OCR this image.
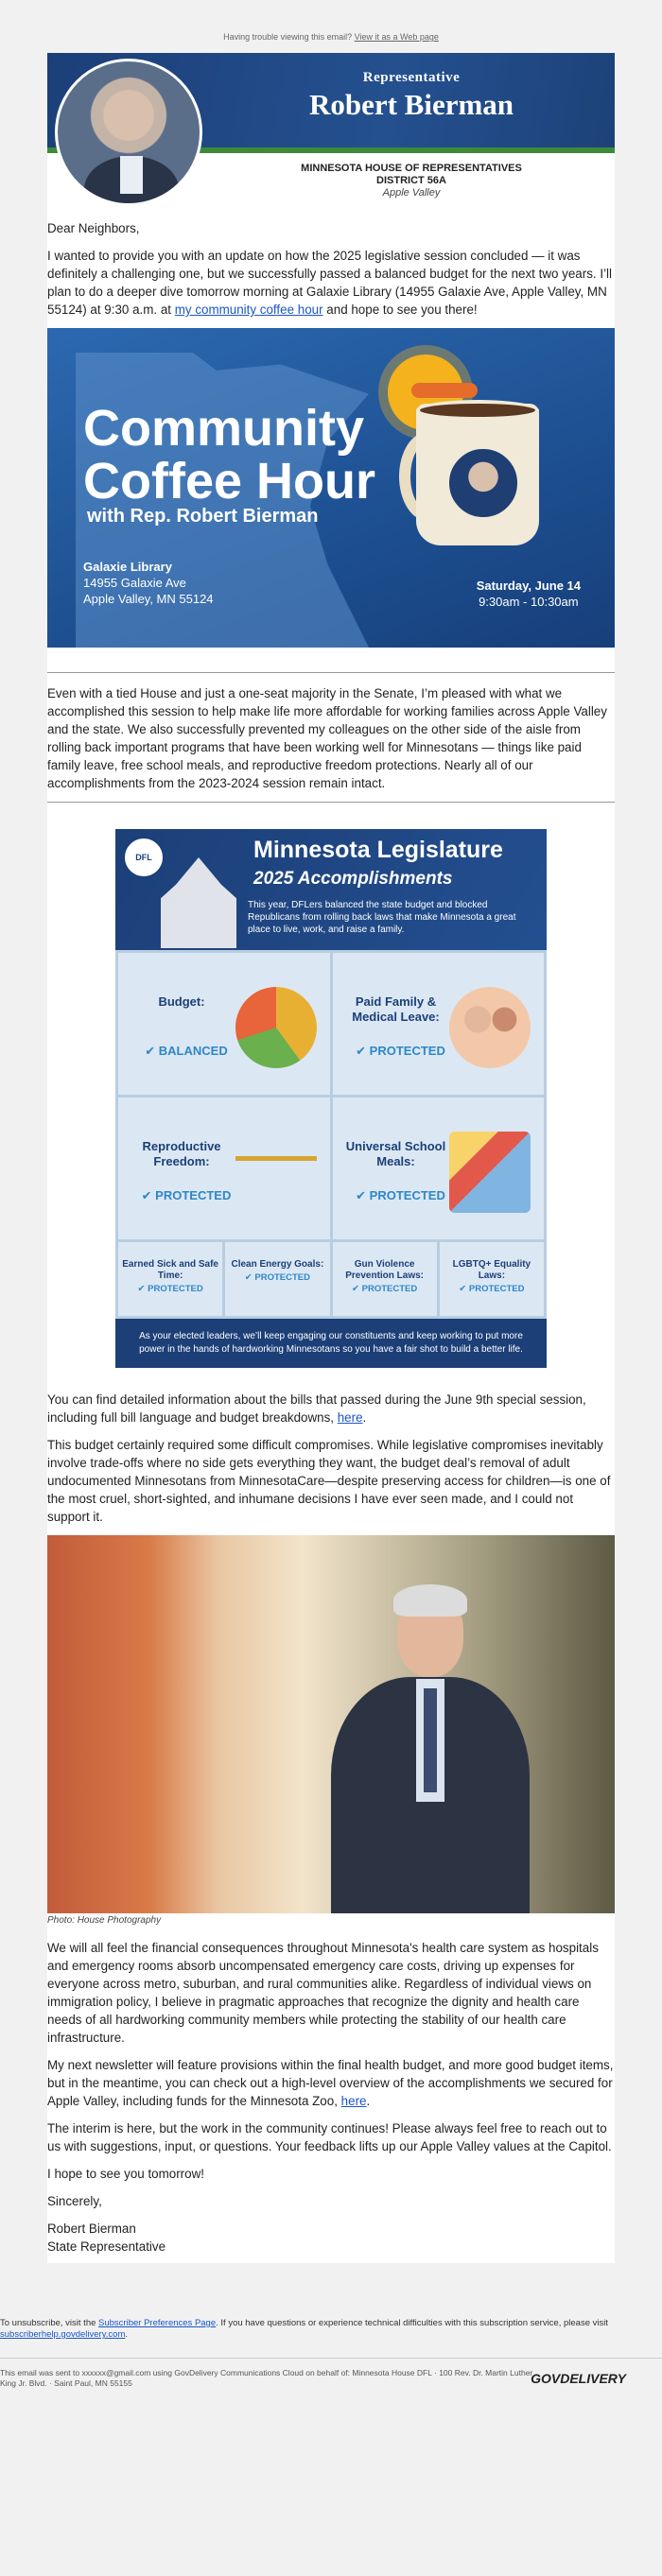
Having trouble viewing this email? View it as a Web page
Representative
Robert Bierman
MINNESOTA HOUSE OF REPRESENTATIVES
DISTRICT 56A
Apple Valley

Dear Neighbors,

I wanted to provide you with an update on how the 2025 legislative session concluded — it was definitely a challenging one, but we successfully passed a balanced budget for the next two years. I’ll plan to do a deeper dive tomorrow morning at Galaxie Library (14955 Galaxie Ave, Apple Valley, MN 55124) at 9:30 a.m. at my community coffee hour and hope to see you there!

Community
Coffee Hour
with Rep. Robert Bierman
Galaxie Library
14955 Galaxie Ave
Apple Valley, MN 55124
Saturday, June 14
9:30am - 10:30am

Even with a tied House and just a one-seat majority in the Senate, I’m pleased with what we accomplished this session to help make life more affordable for working families across Apple Valley and the state. We also successfully prevented my colleagues on the other side of the aisle from rolling back important programs that have been working well for Minnesotans — things like paid family leave, free school meals, and reproductive freedom protections. Nearly all of our accomplishments from the 2023-2024 session remain intact.

DFL	Minnesota Legislature
2025 Accomplishments
This year, DFLers balanced the state budget and blocked Republicans from rolling back laws that make Minnesota a great place to live, work, and raise a family.
Budget:
✔ BALANCED
Paid Family & Medical Leave:
✔ PROTECTED
Reproductive Freedom:
✔ PROTECTED
Universal School Meals:
✔ PROTECTED
Earned Sick and Safe Time:
✔ PROTECTED
Clean Energy Goals:
✔ PROTECTED
Gun Violence Prevention Laws:
✔ PROTECTED
LGBTQ+ Equality Laws:
✔ PROTECTED
As your elected leaders, we’ll keep engaging our constituents and keep working to put more power in the hands of hardworking Minnesotans so you have a fair shot to build a better life.

You can find detailed information about the bills that passed during the June 9th special session, including full bill language and budget breakdowns, here.

This budget certainly required some difficult compromises. While legislative compromises inevitably involve trade-offs where no side gets everything they want, the budget deal’s removal of adult undocumented Minnesotans from MinnesotaCare—despite preserving access for children—is one of the most cruel, short-sighted, and inhumane decisions I have ever seen made, and I could not support it.

Photo: House Photography

We will all feel the financial consequences throughout Minnesota's health care system as hospitals and emergency rooms absorb uncompensated emergency care costs, driving up expenses for everyone across metro, suburban, and rural communities alike. Regardless of individual views on immigration policy, I believe in pragmatic approaches that recognize the dignity and health care needs of all hardworking community members while protecting the stability of our health care infrastructure.

My next newsletter will feature provisions within the final health budget, and more good budget items, but in the meantime, you can check out a high-level overview of the accomplishments we secured for Apple Valley, including funds for the Minnesota Zoo, here.

The interim is here, but the work in the community continues! Please always feel free to reach out to us with suggestions, input, or questions. Your feedback lifts up our Apple Valley values at the Capitol.

I hope to see you tomorrow!

Sincerely,

Robert Bierman

State Representative

To unsubscribe, visit the Subscriber Preferences Page. If you have questions or experience technical difficulties with this subscription service, please visit subscriberhelp.govdelivery.com.
This email was sent to xxxxxx@gmail.com using GovDelivery Communications Cloud on behalf of: Minnesota House DFL · 100 Rev. Dr. Martin Luther King Jr. Blvd. · Saint Paul, MN 55155	GOVDELIVERY
